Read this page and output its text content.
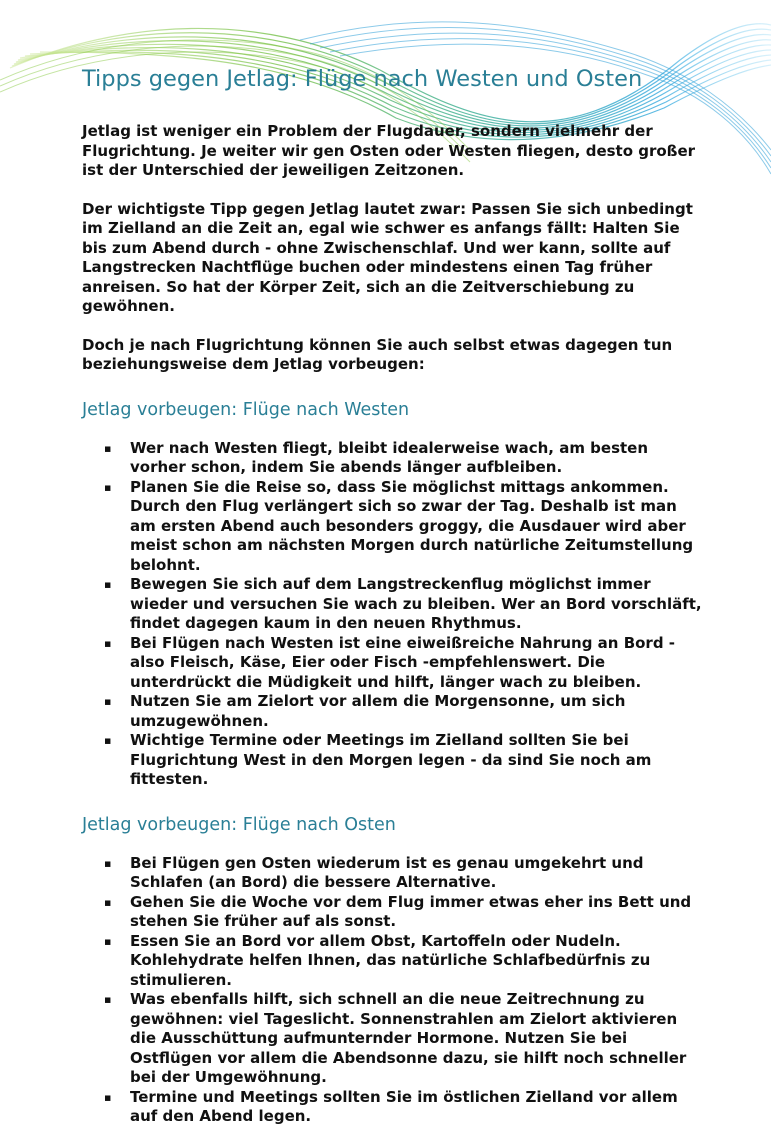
Tipps gegen Jetlag: Flüge nach Westen und Osten

Jetlag ist weniger ein Problem der Flugdauer, sondern vielmehr der Flugrichtung. Je weiter wir gen Osten oder Westen fliegen, desto großer ist der Unterschied der jeweiligen Zeitzonen.

Der wichtigste Tipp gegen Jetlag lautet zwar: Passen Sie sich unbedingt im Zielland an die Zeit an, egal wie schwer es anfangs fällt: Halten Sie bis zum Abend durch - ohne Zwischenschlaf. Und wer kann, sollte auf Langstrecken Nachtflüge buchen oder mindestens einen Tag früher anreisen. So hat der Körper Zeit, sich an die Zeitverschiebung zu gewöhnen.

Doch je nach Flugrichtung können Sie auch selbst etwas dagegen tun beziehungsweise dem Jetlag vorbeugen:

Jetlag vorbeugen: Flüge nach Westen
▪ Wer nach Westen fliegt, bleibt idealerweise wach, am besten vorher schon, indem Sie abends länger aufbleiben.
▪ Planen Sie die Reise so, dass Sie möglichst mittags ankommen. Durch den Flug verlängert sich so zwar der Tag. Deshalb ist man am ersten Abend auch besonders groggy, die Ausdauer wird aber meist schon am nächsten Morgen durch natürliche Zeitumstellung belohnt.
▪ Bewegen Sie sich auf dem Langstreckenflug möglichst immer wieder und versuchen Sie wach zu bleiben. Wer an Bord vorschläft, findet dagegen kaum in den neuen Rhythmus.
▪ Bei Flügen nach Westen ist eine eiweißreiche Nahrung an Bord - also Fleisch, Käse, Eier oder Fisch -empfehlenswert. Die unterdrückt die Müdigkeit und hilft, länger wach zu bleiben.
▪ Nutzen Sie am Zielort vor allem die Morgensonne, um sich umzugewöhnen.
▪ Wichtige Termine oder Meetings im Zielland sollten Sie bei Flugrichtung West in den Morgen legen - da sind Sie noch am fittesten.
Jetlag vorbeugen: Flüge nach Osten
▪ Bei Flügen gen Osten wiederum ist es genau umgekehrt und Schlafen (an Bord) die bessere Alternative.
▪ Gehen Sie die Woche vor dem Flug immer etwas eher ins Bett und stehen Sie früher auf als sonst.
▪ Essen Sie an Bord vor allem Obst, Kartoffeln oder Nudeln. Kohlehydrate helfen Ihnen, das natürliche Schlafbedürfnis zu stimulieren.
▪ Was ebenfalls hilft, sich schnell an die neue Zeitrechnung zu gewöhnen: viel Tageslicht. Sonnenstrahlen am Zielort aktivieren die Ausschüttung aufmunternder Hormone. Nutzen Sie bei Ostflügen vor allem die Abendsonne dazu, sie hilft noch schneller bei der Umgewöhnung.
▪ Termine und Meetings sollten Sie im östlichen Zielland vor allem auf den Abend legen.
